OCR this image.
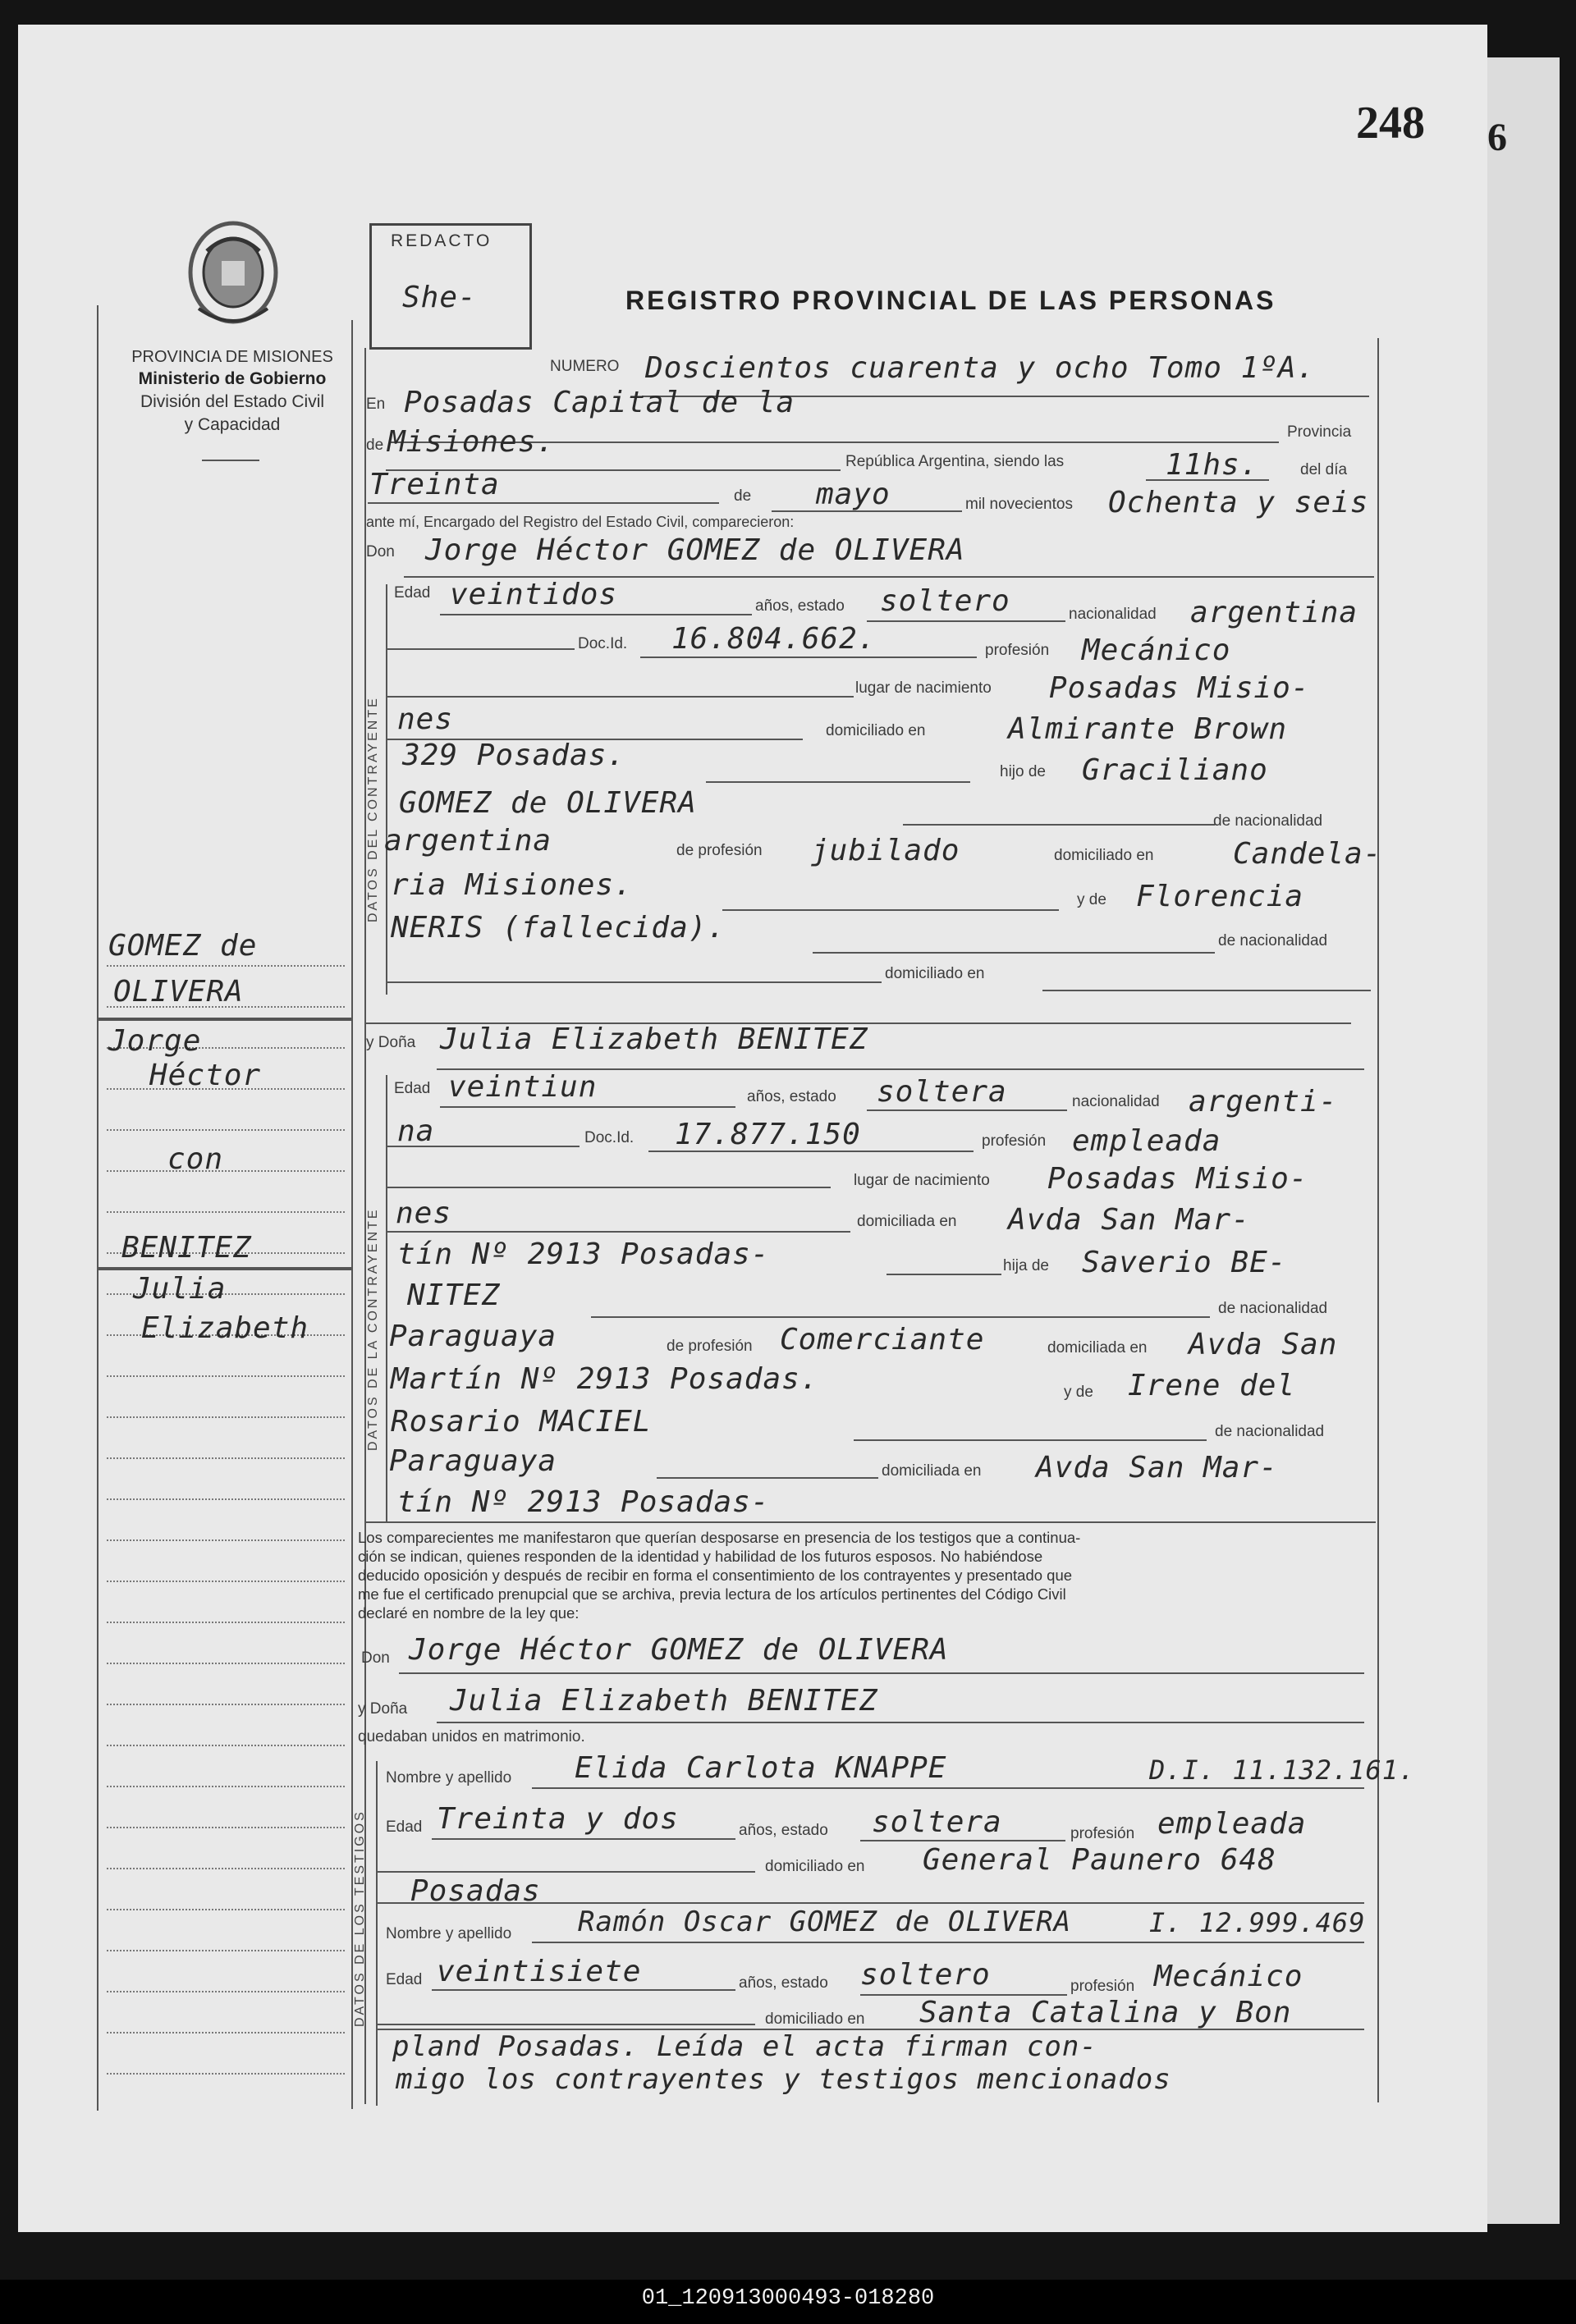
248 6
PROVINCIA DE MISIONES
Ministerio de Gobierno
División del Estado Civil
y Capacidad
GOMEZ de
OLIVERA
Jorge
Héctor
con
BENITEZ
Julia
Elizabeth
REDACTO
She-	REGISTRO PROVINCIAL DE LAS PERSONAS
NUMERO Doscientos cuarenta y ocho Tomo 1ºA.
En Posadas Capital de la
Provincia
de Misiones.
República Argentina, siendo las	11hs.	del día
Treinta	de mayo	mil novecientos Ochenta y seis
ante mí, Encargado del Registro del Estado Civil, comparecieron:
Don Jorge Héctor GOMEZ de OLIVERA
DATOS DEL CONTRAYENTE
Edad veintidos	años, estado soltero	nacionalidad argentina
Doc.Id. 16.804.662.	profesión Mecánico
lugar de nacimiento Posadas Misio-
nes	domiciliado en	Almirante Brown
329 Posadas.	hijo de Graciliano
GOMEZ de OLIVERA
de nacionalidad
argentina	de profesión jubilado	domiciliado en	Candela-
ria Misiones.	y de Florencia
NERIS (fallecida).	de nacionalidad
domiciliado en
y Doña Julia Elizabeth BENITEZ
DATOS DE LA CONTRAYENTE
Edad veintiun	años, estado soltera	nacionalidad argenti-
na	Doc.Id. 17.877.150	profesión empleada
lugar de nacimiento Posadas Misio-
nes	domiciliada en Avda San Mar-
tín Nº 2913 Posadas-	hija de Saverio BE-
NITEZ	de nacionalidad
Paraguaya	de profesión Comerciante	domiciliada en Avda San
Martín Nº 2913 Posadas.	y de Irene del
Rosario MACIEL	de nacionalidad
Paraguaya	domiciliada en Avda San Mar-
tín Nº 2913 Posadas-
Los comparecientes me manifestaron que querían desposarse en presencia de los testigos que a continua-
ción se indican, quienes responden de la identidad y habilidad de los futuros esposos. No habiéndose
deducido oposición y después de recibir en forma el consentimiento de los contrayentes y presentado que
me fue el certificado prenupcial que se archiva, previa lectura de los artículos pertinentes del Código Civil
declaré en nombre de la ley que:
Don Jorge Héctor GOMEZ de OLIVERA
y Doña Julia Elizabeth BENITEZ
quedaban unidos en matrimonio.
DATOS DE LOS TESTIGOS
Nombre y apellido Elida Carlota KNAPPE	D.I. 11.132.161.
Edad Treinta y dos	años, estado soltera	profesión empleada
domiciliado en General Paunero 648
Posadas
Nombre y apellido Ramón Oscar GOMEZ de OLIVERA	I. 12.999.469
Edad veintisiete	años, estado soltero	profesión Mecánico
domiciliado en Santa Catalina y Bon
pland Posadas. Leída el acta firman con-
migo los contrayentes y testigos mencionados
01_120913000493-018280
